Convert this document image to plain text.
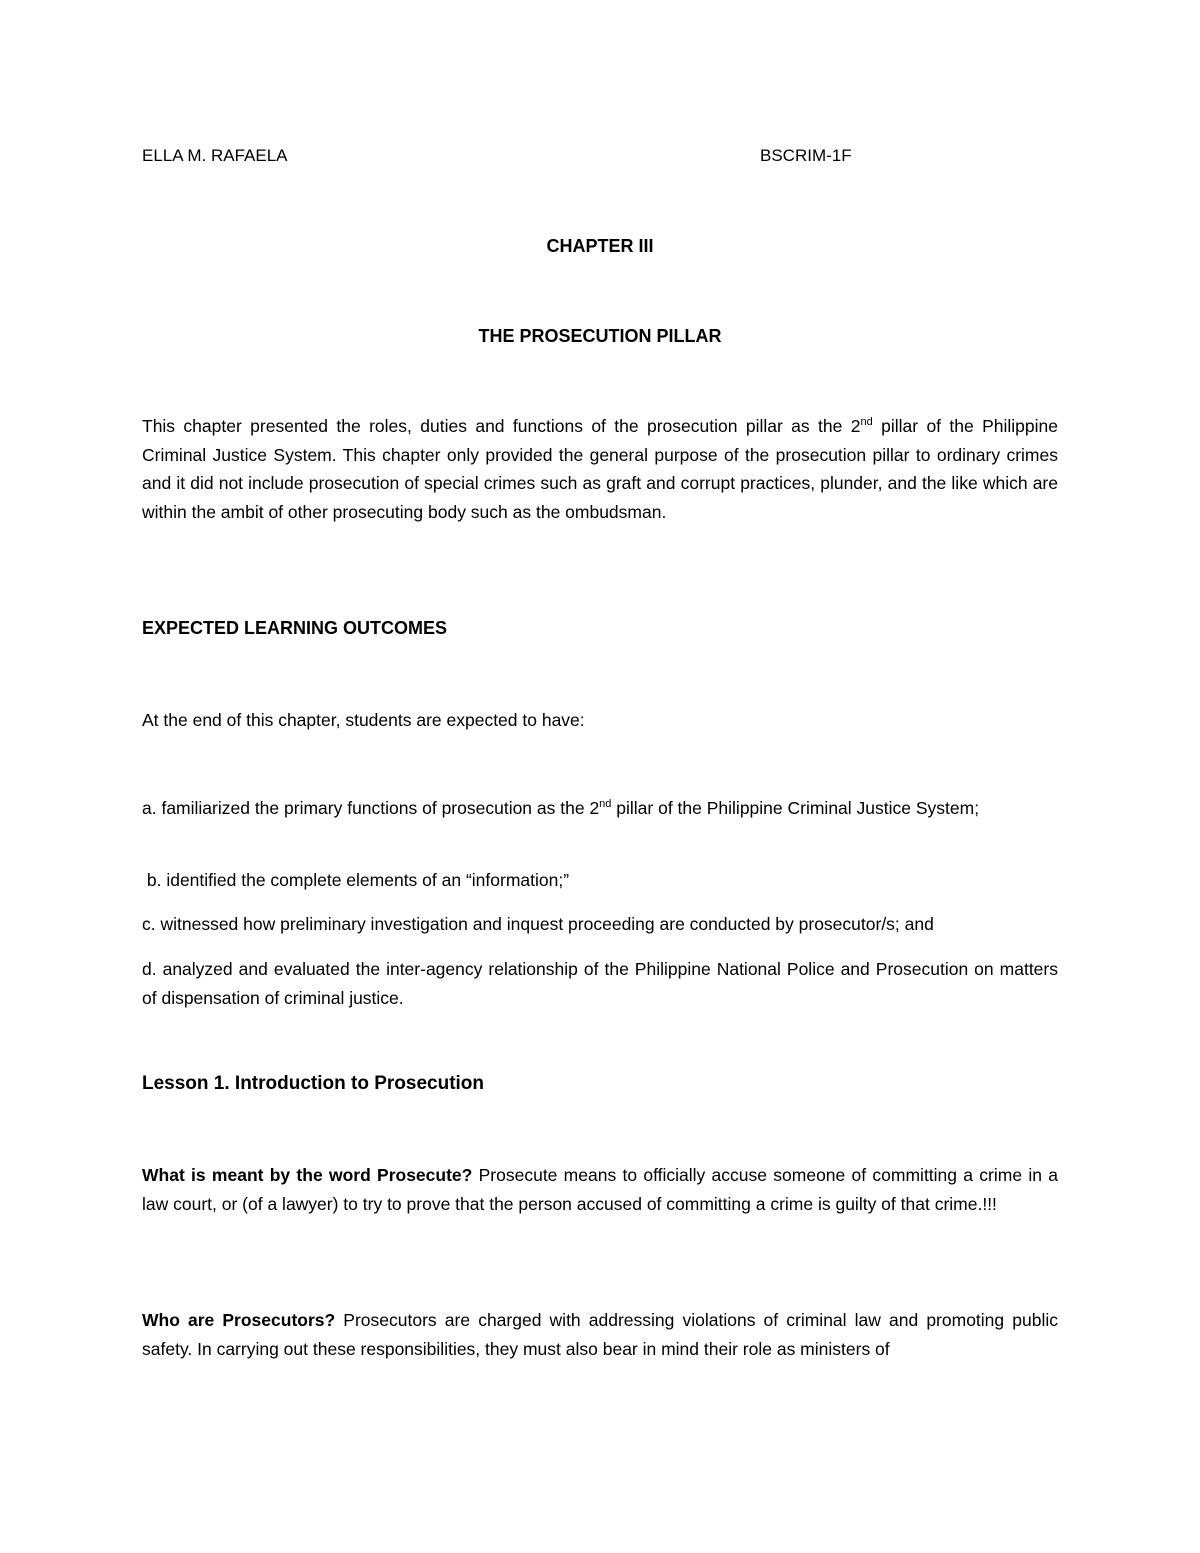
ELLA M. RAFAELA	BSCRIM-1F
CHAPTER III
THE PROSECUTION PILLAR
This chapter presented the roles, duties and functions of the prosecution pillar as the 2nd pillar of the Philippine Criminal Justice System. This chapter only provided the general purpose of the prosecution pillar to ordinary crimes and it did not include prosecution of special crimes such as graft and corrupt practices, plunder, and the like which are within the ambit of other prosecuting body such as the ombudsman.
EXPECTED LEARNING OUTCOMES
At the end of this chapter, students are expected to have:
a. familiarized the primary functions of prosecution as the 2nd pillar of the Philippine Criminal Justice System;
b. identified the complete elements of an “information;”
c. witnessed how preliminary investigation and inquest proceeding are conducted by prosecutor/s; and
d. analyzed and evaluated the inter-agency relationship of the Philippine National Police and Prosecution on matters of dispensation of criminal justice.
Lesson 1. Introduction to Prosecution
What is meant by the word Prosecute? Prosecute means to officially accuse someone of committing a crime in a law court, or (of a lawyer) to try to prove that the person accused of committing a crime is guilty of that crime.!!!
Who are Prosecutors? Prosecutors are charged with addressing violations of criminal law and promoting public safety. In carrying out these responsibilities, they must also bear in mind their role as ministers of
